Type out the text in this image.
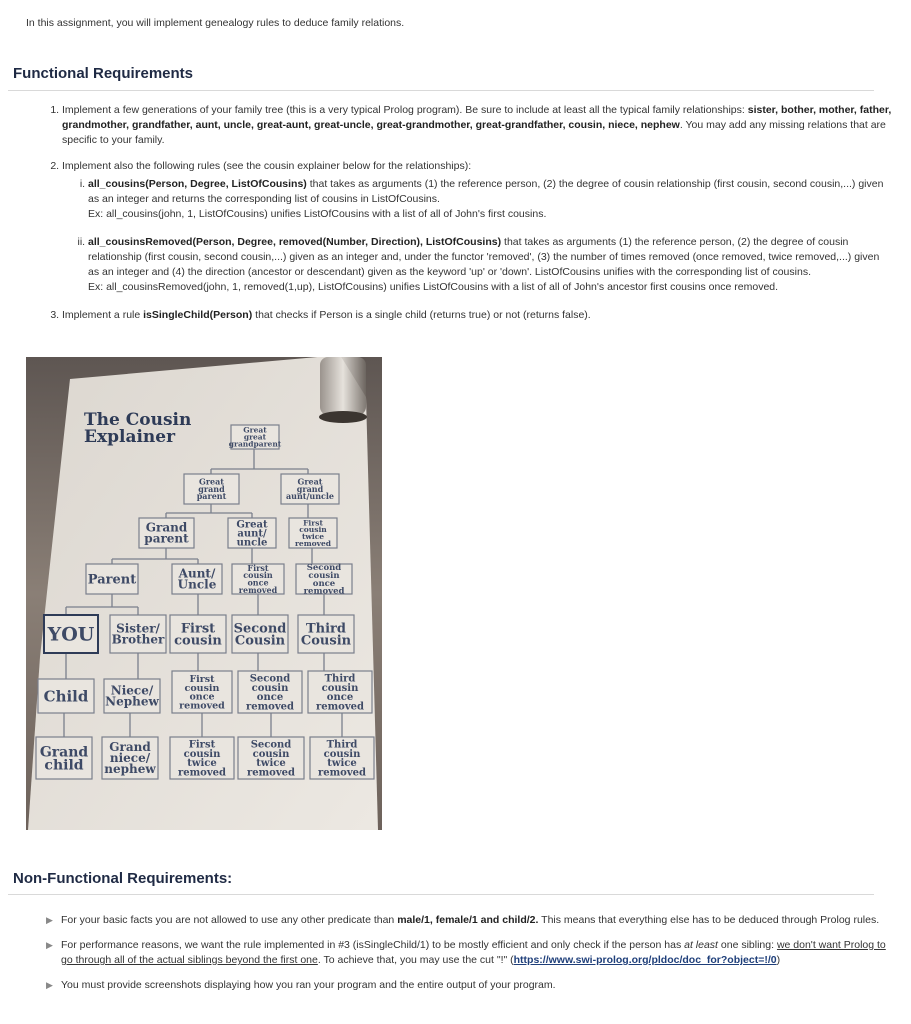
In this assignment, you will implement genealogy rules to deduce family relations.
Functional Requirements
1. Implement a few generations of your family tree (this is a very typical Prolog program). Be sure to include at least all the typical family relationships: sister, bother, mother, father, grandmother, grandfather, aunt, uncle, great-aunt, great-uncle, great-grandmother, great-grandfather, cousin, niece, nephew. You may add any missing relations that are specific to your family.
2. Implement also the following rules (see the cousin explainer below for the relationships):
i. all_cousins(Person, Degree, ListOfCousins) that takes as arguments (1) the reference person, (2) the degree of cousin relationship (first cousin, second cousin,...) given as an integer and returns the corresponding list of cousins in ListOfCousins.
Ex: all_cousins(john, 1, ListOfCousins) unifies ListOfCousins with a list of all of John's first cousins.
ii. all_cousinsRemoved(Person, Degree, removed(Number, Direction), ListOfCousins) that takes as arguments (1) the reference person, (2) the degree of cousin relationship (first cousin, second cousin,...) given as an integer and, under the functor 'removed', (3) the number of times removed (once removed, twice removed,...) given as an integer and (4) the direction (ancestor or descendant) given as the keyword 'up' or 'down'. ListOfCousins unifies with the corresponding list of cousins.
Ex: all_cousinsRemoved(john, 1, removed(1,up), ListOfCousins) unifies ListOfCousins with a list of all of John's ancestor first cousins once removed.
3. Implement a rule isSingleChild(Person) that checks if Person is a single child (returns true) or not (returns false).
Great
great
grandparent
Great
grand
parent
Great
grand
aunt/uncle
Grand
parent
Great
aunt/
uncle
First
cousin
twice
removed
Parent	Aunt/
Uncle
First
cousin
once
removed
Second
cousin
once
removed
YOU Sister/
Brother
First
cousin
Second
Cousin
Third
Cousin
Child Niece/
Nephew
First
cousin
once
removed
Second
cousin
once
removed
Third
cousin
once
removed
Grand
child
Grand
niece/
nephew
First
cousin
twice
removed
Second
cousin
twice
removed
Third
cousin
twice
removed
The Cousin
Explainer
Non-Functional Requirements:
▶ For your basic facts you are not allowed to use any other predicate than male/1, female/1 and child/2. This means that everything else has to be deduced through Prolog rules.
▶ For performance reasons, we want the rule implemented in #3 (isSingleChild/1) to be mostly efficient and only check if the person has at least one sibling: we don't want Prolog to go through all of the actual siblings beyond the first one. To achieve that, you may use the cut "!" (https://www.swi-prolog.org/pldoc/doc_for?object=!/0)
▶ You must provide screenshots displaying how you ran your program and the entire output of your program.
